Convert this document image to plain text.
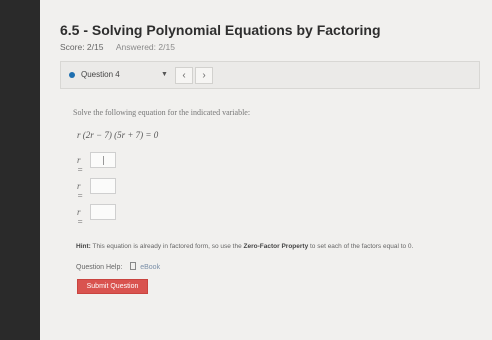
6.5 - Solving Polynomial Equations by Factoring
Score: 2/15 Answered: 2/15
Question 4	▼	‹	›
Solve the following equation for the indicated variable:
r (2r − 7) (5r + 7) = 0
r =
r =
r =
Hint: This equation is already in factored form, so use the Zero-Factor Property to set each of the factors equal to 0.
Question Help:	eBook
Submit Question
